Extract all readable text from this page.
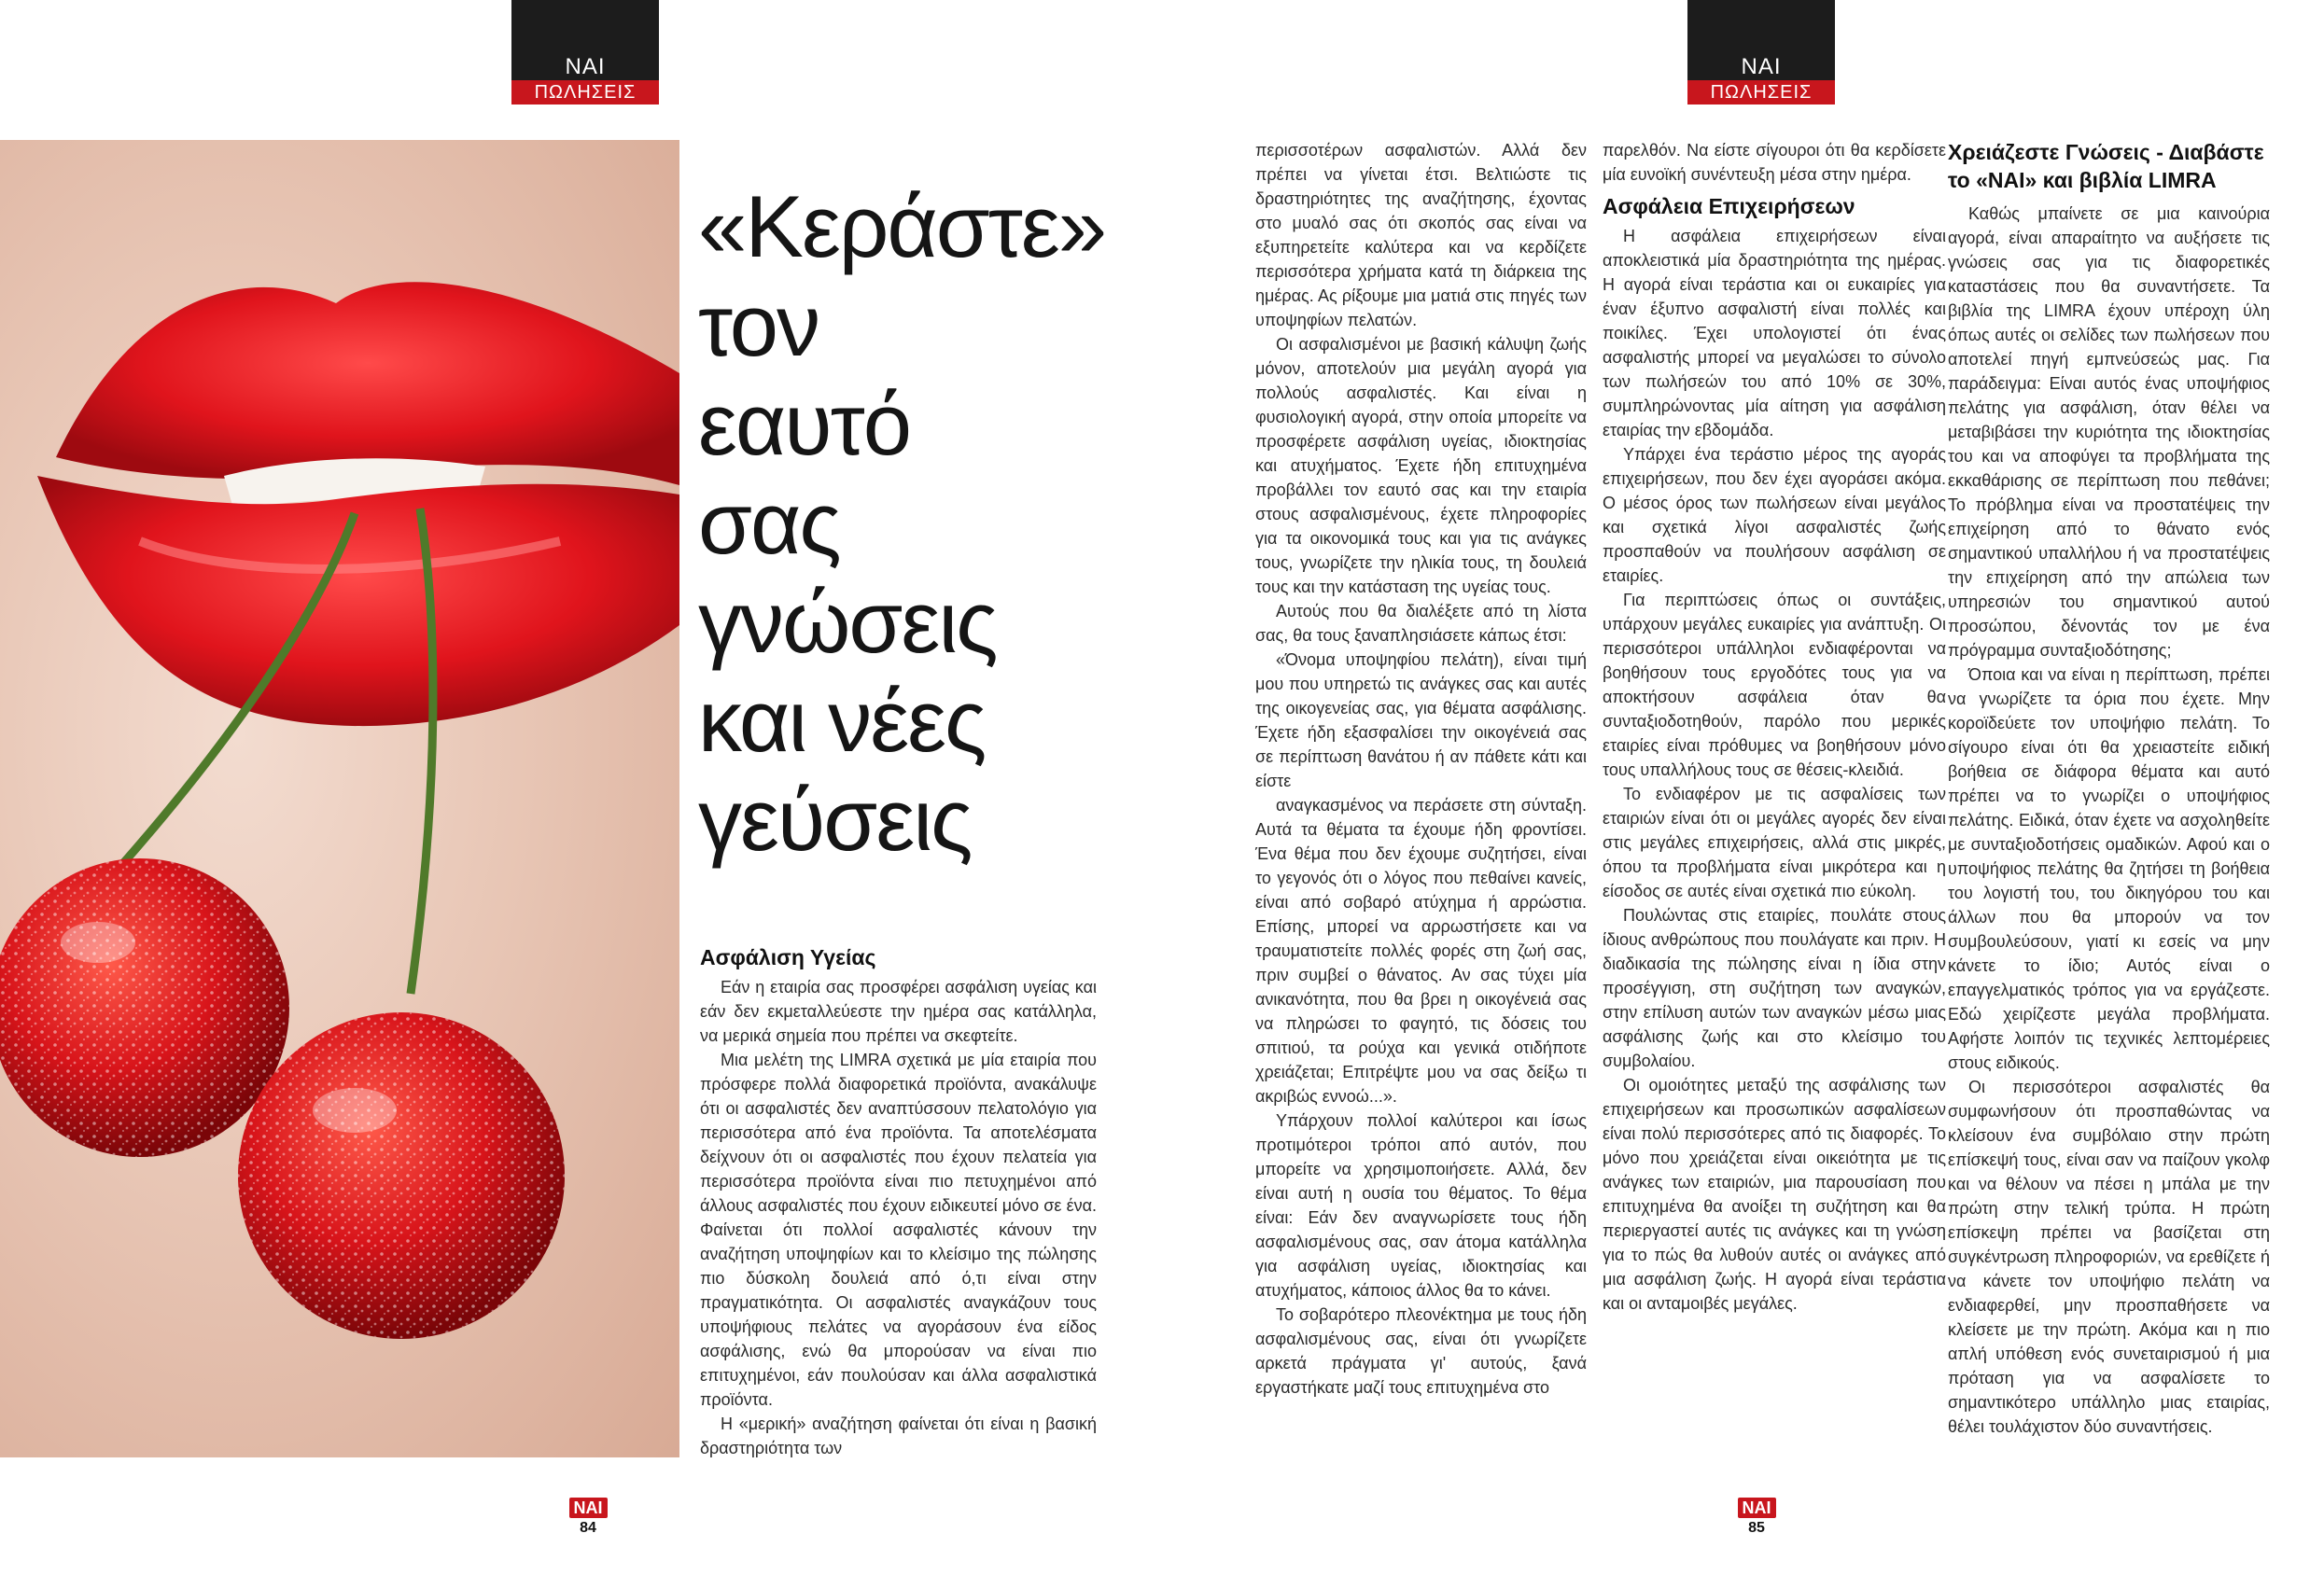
ΝΑΙ
ΠΩΛΗΣΕΙΣ
ΝΑΙ
ΠΩΛΗΣΕΙΣ
«Κεράστε»
τον
εαυτό
σας
γνώσεις
και νέες
γεύσεις
Ασφάλιση Υγείας

Εάν η εταιρία σας προσφέρει ασφάλιση υγείας και εάν δεν εκμεταλλεύεστε την ημέρα σας κατάλληλα, να μερικά σημεία που πρέπει να σκεφτείτε.

Μια μελέτη της LIMRA σχετικά με μία εταιρία που πρόσφερε πολλά διαφορετικά προϊόντα, ανακάλυψε ότι οι ασφαλιστές δεν αναπτύσσουν πελατολόγιο για περισσότερα από ένα προϊόντα. Τα αποτελέσματα δείχνουν ότι οι ασφαλιστές που έχουν πελατεία για περισσότερα προϊόντα είναι πιο πετυχημένοι από άλλους ασφαλιστές που έχουν ειδικευτεί μόνο σε ένα. Φαίνεται ότι πολλοί ασφαλιστές κάνουν την αναζήτηση υποψηφίων και το κλείσιμο της πώλησης πιο δύσκολη δουλειά από ό,τι είναι στην πραγματικότητα. Οι ασφαλιστές αναγκάζουν τους υποψήφιους πελάτες να αγοράσουν ένα είδος ασφάλισης, ενώ θα μπορούσαν να είναι πιο επιτυχημένοι, εάν πουλούσαν και άλλα ασφαλιστικά προϊόντα.

Η «μερική» αναζήτηση φαίνεται ότι είναι η βασική δραστηριότητα των

περισσοτέρων ασφαλιστών. Αλλά δεν πρέπει να γίνεται έτσι. Βελτιώστε τις δραστηριότητες της αναζήτησης, έχοντας στο μυαλό σας ότι σκοπός σας είναι να εξυπηρετείτε καλύτερα και να κερδίζετε περισσότερα χρήματα κατά τη διάρκεια της ημέρας. Ας ρίξουμε μια ματιά στις πηγές των υποψηφίων πελατών.

Οι ασφαλισμένοι με βασική κάλυψη ζωής μόνον, αποτελούν μια μεγάλη αγορά για πολλούς ασφαλιστές. Και είναι η φυσιολογική αγορά, στην οποία μπορείτε να προσφέρετε ασφάλιση υγείας, ιδιοκτησίας και ατυχήματος. Έχετε ήδη επιτυχημένα προβάλλει τον εαυτό σας και την εταιρία στους ασφαλισμένους, έχετε πληροφορίες για τα οικονομικά τους και για τις ανάγκες τους, γνωρίζετε την ηλικία τους, τη δουλειά τους και την κατάσταση της υγείας τους.

Αυτούς που θα διαλέξετε από τη λίστα σας, θα τους ξαναπλησιάσετε κάπως έτσι:

«Όνομα υποψηφίου πελάτη), είναι τιμή μου που υπηρετώ τις ανάγκες σας και αυτές της οικογενείας σας, για θέματα ασφάλισης. Έχετε ήδη εξασφαλίσει την οικογένειά σας σε περίπτωση θανάτου ή αν πάθετε κάτι και είστε

αναγκασμένος να περάσετε στη σύνταξη. Αυτά τα θέματα τα έχουμε ήδη φροντίσει. Ένα θέμα που δεν έχουμε συζητήσει, είναι το γεγονός ότι ο λόγος που πεθαίνει κανείς, είναι από σοβαρό ατύχημα ή αρρώστια. Επίσης, μπορεί να αρρωστήσετε και να τραυματιστείτε πολλές φορές στη ζωή σας, πριν συμβεί ο θάνατος. Αν σας τύχει μία ανικανότητα, που θα βρει η οικογένειά σας να πληρώσει το φαγητό, τις δόσεις του σπιτιού, τα ρούχα και γενικά οτιδήποτε χρειάζεται; Επιτρέψτε μου να σας δείξω τι ακριβώς εννοώ...».

Υπάρχουν πολλοί καλύτεροι και ίσως προτιμότεροι τρόποι από αυτόν, που μπορείτε να χρησιμοποιήσετε. Αλλά, δεν είναι αυτή η ουσία του θέματος. Το θέμα είναι: Εάν δεν αναγνωρίσετε τους ήδη ασφαλισμένους σας, σαν άτομα κατάλληλα για ασφάλιση υγείας, ιδιοκτησίας και ατυχήματος, κάποιος άλλος θα το κάνει.

Το σοβαρότερο πλεονέκτημα με τους ήδη ασφαλισμένους σας, είναι ότι γνωρίζετε αρκετά πράγματα γι' αυτούς, ξανά εργαστήκατε μαζί τους επιτυχημένα στο

παρελθόν. Να είστε σίγουροι ότι θα κερδίσετε μία ευνοϊκή συνέντευξη μέσα στην ημέρα.

Ασφάλεια Επιχειρήσεων

Η ασφάλεια επιχειρήσεων είναι αποκλειστικά μία δραστηριότητα της ημέρας. Η αγορά είναι τεράστια και οι ευκαιρίες για έναν έξυπνο ασφαλιστή είναι πολλές και ποικίλες. Έχει υπολογιστεί ότι ένας ασφαλιστής μπορεί να μεγαλώσει το σύνολο των πωλήσεών του από 10% σε 30%, συμπληρώνοντας μία αίτηση για ασφάλιση εταιρίας την εβδομάδα.

Υπάρχει ένα τεράστιο μέρος της αγοράς επιχειρήσεων, που δεν έχει αγοράσει ακόμα. Ο μέσος όρος των πωλήσεων είναι μεγάλος και σχετικά λίγοι ασφαλιστές ζωής προσπαθούν να πουλήσουν ασφάλιση σε εταιρίες.

Για περιπτώσεις όπως οι συντάξεις, υπάρχουν μεγάλες ευκαιρίες για ανάπτυξη. Οι περισσότεροι υπάλληλοι ενδιαφέρονται να βοηθήσουν τους εργοδότες τους για να αποκτήσουν ασφάλεια όταν θα συνταξιοδοτηθούν, παρόλο που μερικές εταιρίες είναι πρόθυμες να βοηθήσουν μόνο τους υπαλλήλους τους σε θέσεις-κλειδιά.

Το ενδιαφέρον με τις ασφαλίσεις των εταιριών είναι ότι οι μεγάλες αγορές δεν είναι στις μεγάλες επιχειρήσεις, αλλά στις μικρές, όπου τα προβλήματα είναι μικρότερα και η είσοδος σε αυτές είναι σχετικά πιο εύκολη.

Πουλώντας στις εταιρίες, πουλάτε στους ίδιους ανθρώπους που πουλάγατε και πριν. Η διαδικασία της πώλησης είναι η ίδια στην προσέγγιση, στη συζήτηση των αναγκών, στην επίλυση αυτών των αναγκών μέσω μιας ασφάλισης ζωής και στο κλείσιμο του συμβολαίου.

Οι ομοιότητες μεταξύ της ασφάλισης των επιχειρήσεων και προσωπικών ασφαλίσεων είναι πολύ περισσότερες από τις διαφορές. Το μόνο που χρειάζεται είναι οικειότητα με τις ανάγκες των εταιριών, μια παρουσίαση που επιτυχημένα θα ανοίξει τη συζήτηση και θα περιεργαστεί αυτές τις ανάγκες και τη γνώση για το πώς θα λυθούν αυτές οι ανάγκες από μια ασφάλιση ζωής. Η αγορά είναι τεράστια και οι ανταμοιβές μεγάλες.

Χρειάζεστε Γνώσεις - Διαβάστε το «ΝΑΙ» και βιβλία LIMRA

Καθώς μπαίνετε σε μια καινούρια αγορά, είναι απαραίτητο να αυξήσετε τις γνώσεις σας για τις διαφορετικές καταστάσεις που θα συναντήσετε. Τα βιβλία της LIMRA έχουν υπέροχη ύλη όπως αυτές οι σελίδες των πωλήσεων που αποτελεί πηγή εμπνεύσεώς μας. Για παράδειγμα: Είναι αυτός ένας υποψήφιος πελάτης για ασφάλιση, όταν θέλει να μεταβιβάσει την κυριότητα της ιδιοκτησίας του και να αποφύγει τα προβλήματα της εκκαθάρισης σε περίπτωση που πεθάνει; Το πρόβλημα είναι να προστατέψεις την επιχείρηση από το θάνατο ενός σημαντικού υπαλλήλου ή να προστατέψεις την επιχείρηση από την απώλεια των υπηρεσιών του σημαντικού αυτού προσώπου, δένοντάς τον με ένα πρόγραμμα συνταξιοδότησης;

Όποια και να είναι η περίπτωση, πρέπει να γνωρίζετε τα όρια που έχετε. Μην κοροϊδεύετε τον υποψήφιο πελάτη. Το σίγουρο είναι ότι θα χρειαστείτε ειδική βοήθεια σε διάφορα θέματα και αυτό πρέπει να το γνωρίζει ο υποψήφιος πελάτης. Ειδικά, όταν έχετε να ασχοληθείτε με συνταξιοδοτήσεις ομαδικών. Αφού και ο υποψήφιος πελάτης θα ζητήσει τη βοήθεια του λογιστή του, του δικηγόρου του και άλλων που θα μπορούν να τον συμβουλεύσουν, γιατί κι εσείς να μην κάνετε το ίδιο; Αυτός είναι ο επαγγελματικός τρόπος για να εργάζεστε. Εδώ χειρίζεστε μεγάλα προβλήματα. Αφήστε λοιπόν τις τεχνικές λεπτομέρειες στους ειδικούς.

Οι περισσότεροι ασφαλιστές θα συμφωνήσουν ότι προσπαθώντας να κλείσουν ένα συμβόλαιο στην πρώτη επίσκεψή τους, είναι σαν να παίζουν γκολφ και να θέλουν να πέσει η μπάλα με την πρώτη στην τελική τρύπα. Η πρώτη επίσκεψη πρέπει να βασίζεται στη συγκέντρωση πληροφοριών, να ερεθίζετε ή να κάνετε τον υποψήφιο πελάτη να ενδιαφερθεί, μην προσπαθήσετε να κλείσετε με την πρώτη. Ακόμα και η πιο απλή υπόθεση ενός συνεταιρισμού ή μια πρόταση για να ασφαλίσετε το σημαντικότερο υπάλληλο μιας εταιρίας, θέλει τουλάχιστον δύο συναντήσεις.

ΝΑΙ
84
ΝΑΙ
85
